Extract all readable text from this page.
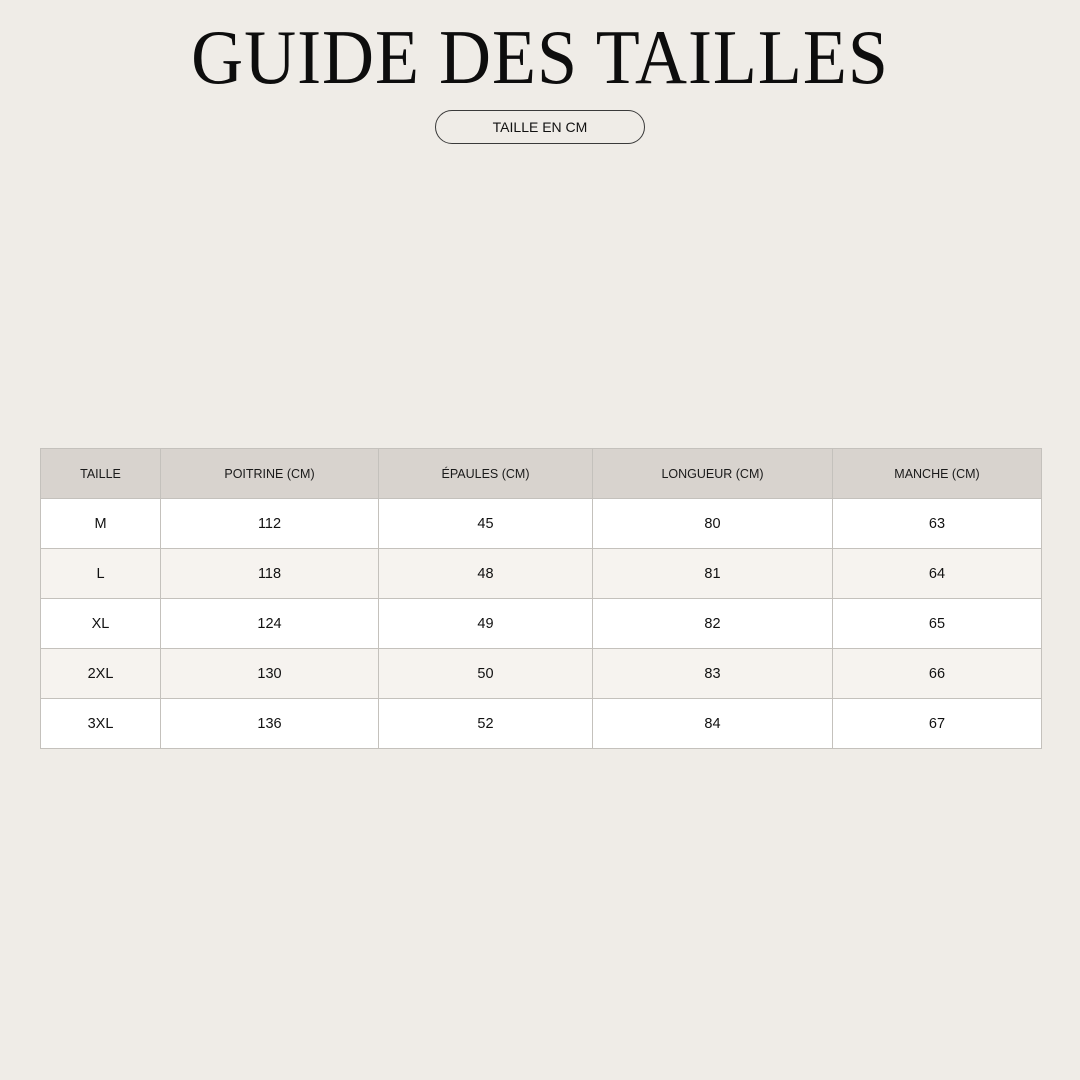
GUIDE DES TAILLES
TAILLE EN CM
TAILLE	POITRINE (CM)	ÉPAULES (CM)	LONGUEUR (CM)	MANCHE (CM)
M	112	45	80	63
L	118	48	81	64
XL	124	49	82	65
2XL	130	50	83	66
3XL	136	52	84	67
